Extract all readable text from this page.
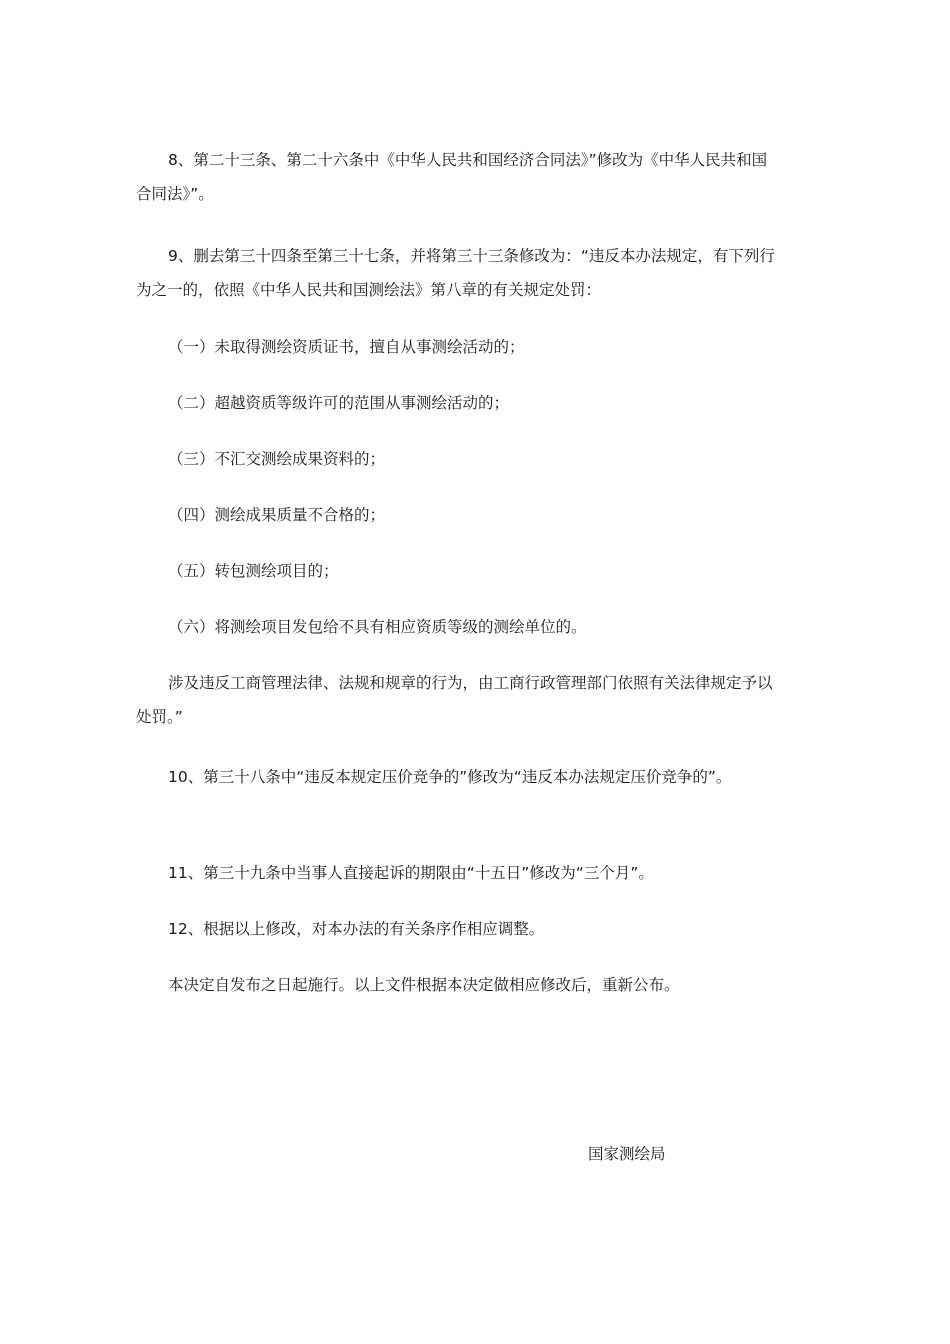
8、第二十三条、第二十六条中《中华人民共和国经济合同法》”修改为《中华人民共和国合同法》”。

9、删去第三十四条至第三十七条，并将第三十三条修改为：“违反本办法规定，有下列行为之一的，依照《中华人民共和国测绘法》第八章的有关规定处罚：

（一）未取得测绘资质证书，擅自从事测绘活动的；

（二）超越资质等级许可的范围从事测绘活动的；

（三）不汇交测绘成果资料的；

（四）测绘成果质量不合格的；

（五）转包测绘项目的；

（六）将测绘项目发包给不具有相应资质等级的测绘单位的。

涉及违反工商管理法律、法规和规章的行为，由工商行政管理部门依照有关法律规定予以处罚。”

10、第三十八条中“违反本规定压价竞争的”修改为“违反本办法规定压价竞争的”。

11、第三十九条中当事人直接起诉的期限由“十五日”修改为“三个月”。

12、根据以上修改，对本办法的有关条序作相应调整。

本决定自发布之日起施行。以上文件根据本决定做相应修改后，重新公布。

国家测绘局
